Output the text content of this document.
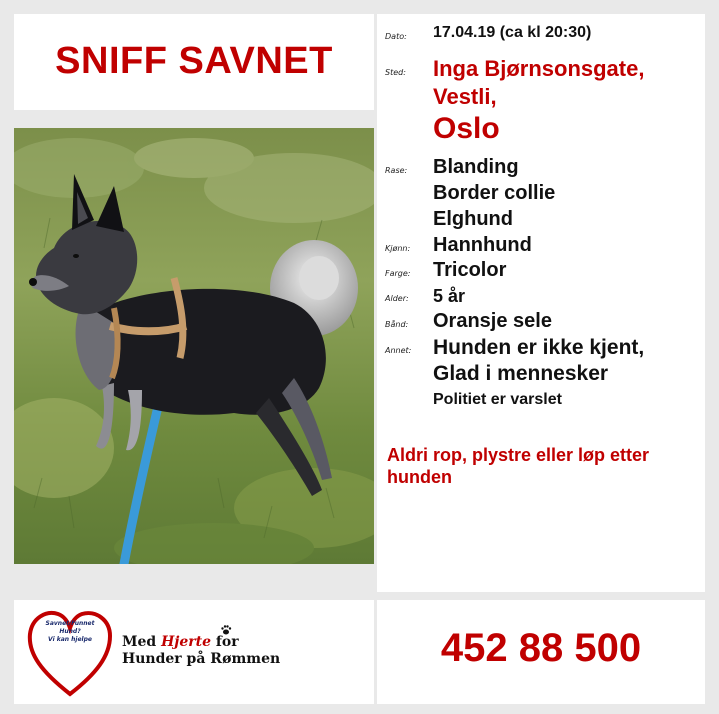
SNIFF SAVNET
Dato: 17.04.19 (ca kl 20:30)
Sted: Inga Bjørnsonsgate,
Vestli,
Oslo
Rase: Blanding
Border collie
Elghund
Kjønn: Hannhund
Farge: Tricolor
Alder: 5 år
Bånd: Oransje sele
Annet: Hunden er ikke kjent,
Glad i mennesker
Politiet er varslet
Aldri rop, plystre eller løp etter hunden
Savnet/Funnet
Hund?
Vi kan hjelpe Med Hjerte for
Hunder på Rømmen	452 88 500
